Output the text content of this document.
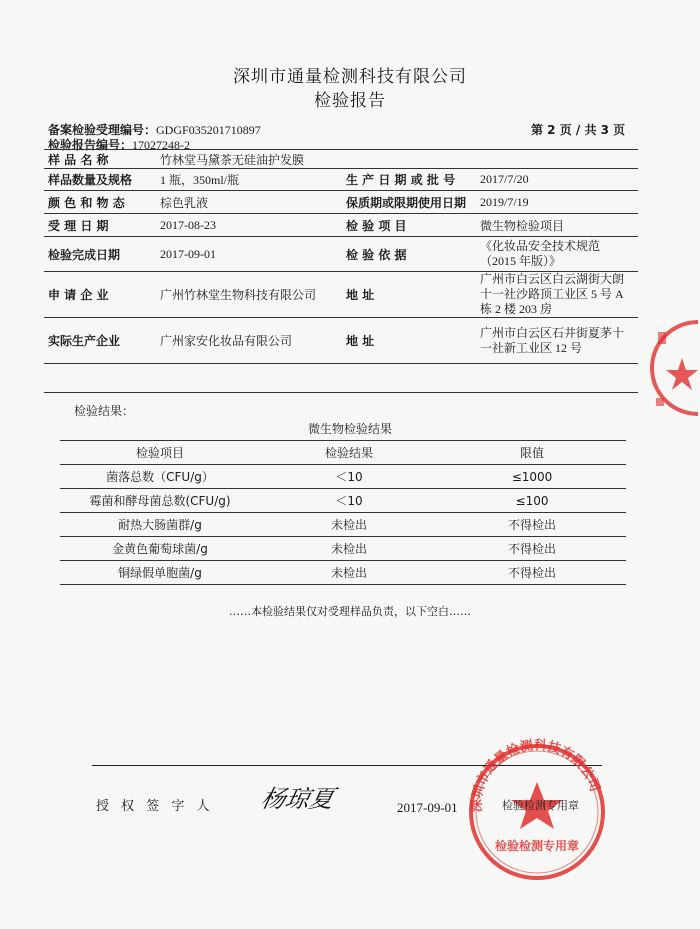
深圳市通量检测科技有限公司
检验报告
备案检验受理编号：GDGF035201710897
检验报告编号：17027248-2
第 2 页 / 共 3 页
样 品 名 称	竹林堂马黛茶无硅油护发膜		
样品数量及规格	1 瓶，350ml/瓶	生 产 日 期 或 批 号	2017/7/20
颜 色 和 物 态	棕色乳液	保质期或限期使用日期	2019/7/19
受 理 日 期	2017-08-23	检 验 项 目	微生物检验项目
检验完成日期	2017-09-01	检 验 依 据	《化妆品安全技术规范（2015 年版）》
申 请 企 业	广州竹林堂生物科技有限公司	地 址	广州市白云区白云湖街大朗十一社沙路顶工业区 5 号 A 栋 2 楼 203 房
实际生产企业	广州家安化妆品有限公司	地 址	广州市白云区石井街夏茅十一社新工业区 12 号

检验结果：
微生物检验结果
检验项目	检验结果	限值
菌落总数（CFU/g）	＜10	≤1000
霉菌和酵母菌总数(CFU/g)	＜10	≤100
耐热大肠菌群/g	未检出	不得检出
金黄色葡萄球菌/g	未检出	不得检出
铜绿假单胞菌/g	未检出	不得检出
……本检验结果仅对受理样品负责，以下空白……
授 权 签 字 人 杨琼夏	2017-09-01 深圳市通量检测科技有限公司
检验检测专用章
检验检测专用章
